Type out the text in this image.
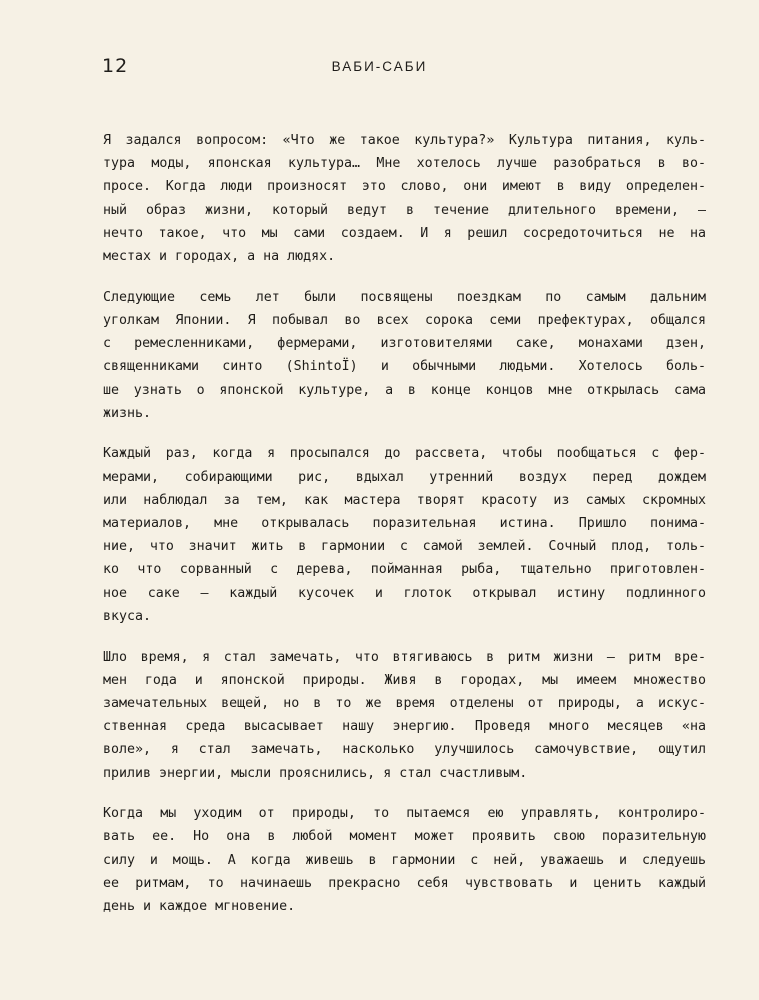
12	ВАБИ-САБИ

Я задался вопросом: «Что же такое культура?» Культура питания, куль-
тура моды, японская культура… Мне хотелось лучше разобраться в во-
просе. Когда люди произносят это слово, они имеют в виду определен-
ный образ жизни, который ведут в течение длительного времени, —
нечто такое, что мы сами создаем. И я решил сосредоточиться не на
местах и городах, а на людях.

Следующие семь лет были посвящены поездкам по самым дальним
уголкам Японии. Я побывал во всех сорока семи префектурах, общался
с ремесленниками, фермерами, изготовителями саке, монахами дзен,
священниками синто (ShintoÏ) и обычными людьми. Хотелось боль-
ше узнать о японской культуре, а в конце концов мне открылась сама
жизнь.

Каждый раз, когда я просыпался до рассвета, чтобы пообщаться с фер-
мерами, собирающими рис, вдыхал утренний воздух перед дождем
или наблюдал за тем, как мастера творят красоту из самых скромных
материалов, мне открывалась поразительная истина. Пришло понима-
ние, что значит жить в гармонии с самой землей. Сочный плод, толь-
ко что сорванный с дерева, пойманная рыба, тщательно приготовлен-
ное саке — каждый кусочек и глоток открывал истину подлинного
вкуса.

Шло время, я стал замечать, что втягиваюсь в ритм жизни — ритм вре-
мен года и японской природы. Живя в городах, мы имеем множество
замечательных вещей, но в то же время отделены от природы, а искус-
ственная среда высасывает нашу энергию. Проведя много месяцев «на
воле», я стал замечать, насколько улучшилось самочувствие, ощутил
прилив энергии, мысли прояснились, я стал счастливым.

Когда мы уходим от природы, то пытаемся ею управлять, контролиро-
вать ее. Но она в любой момент может проявить свою поразительную
силу и мощь. А когда живешь в гармонии с ней, уважаешь и следуешь
ее ритмам, то начинаешь прекрасно себя чувствовать и ценить каждый
день и каждое мгновение.
